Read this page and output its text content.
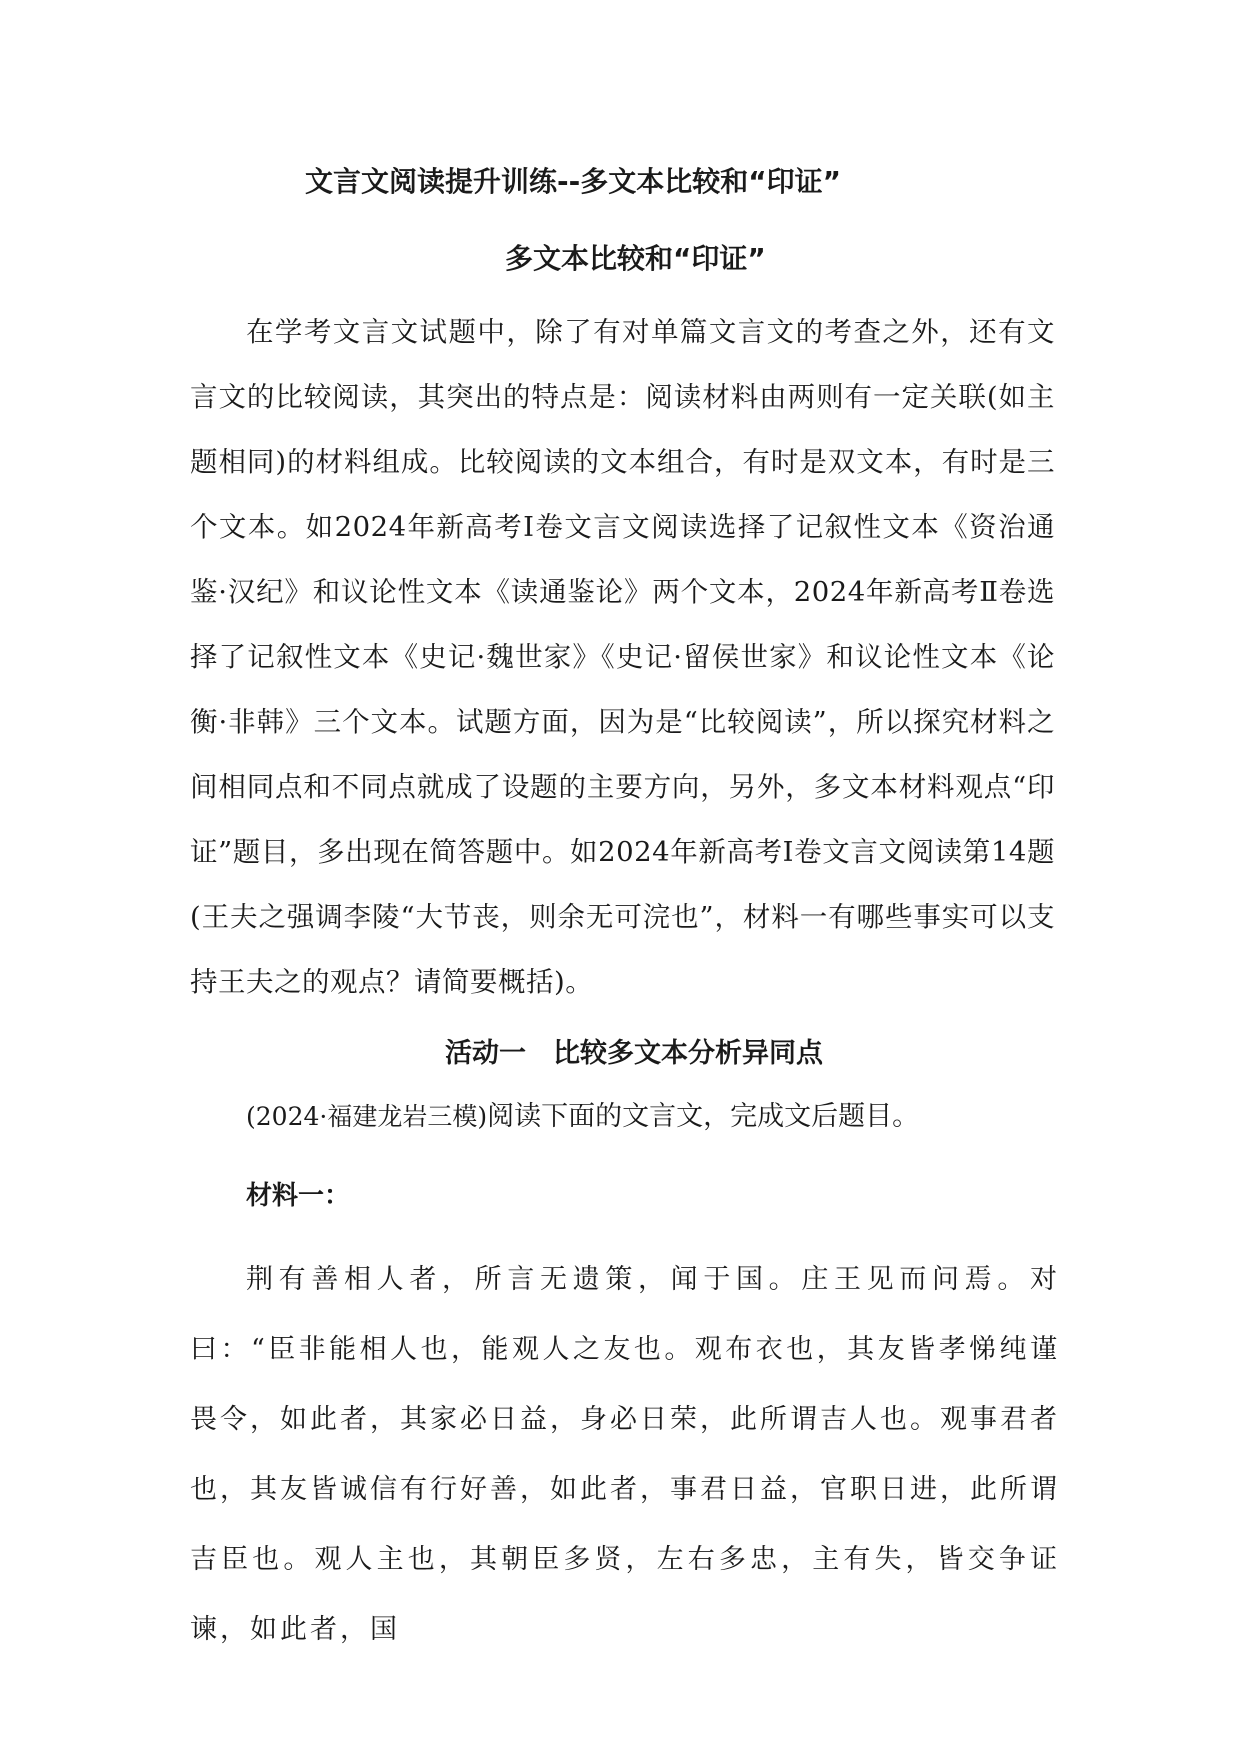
文言文阅读提升训练--多文本比较和“印证”
多文本比较和“印证”

在学考文言文试题中，除了有对单篇文言文的考查之外，还有文言文的比较阅读，其突出的特点是：阅读材料由两则有一定关联(如主题相同)的材料组成。比较阅读的文本组合，有时是双文本，有时是三个文本。如2024年新高考Ⅰ卷文言文阅读选择了记叙性文本《资治通鉴·汉纪》和议论性文本《读通鉴论》两个文本，2024年新高考Ⅱ卷选择了记叙性文本《史记·魏世家》《史记·留侯世家》和议论性文本《论衡·非韩》三个文本。试题方面，因为是“比较阅读”，所以探究材料之间相同点和不同点就成了设题的主要方向，另外，多文本材料观点“印证”题目，多出现在简答题中。如2024年新高考Ⅰ卷文言文阅读第14题(王夫之强调李陵“大节丧，则余无可浣也”，材料一有哪些事实可以支持王夫之的观点？请简要概括)。

活动一　比较多文本分析异同点

(2024·福建龙岩三模)阅读下面的文言文，完成文后题目。

材料一：

荆有善相人者，所言无遗策，闻于国。庄王见而问焉。对曰：“臣非能相人也，能观人之友也。观布衣也，其友皆孝悌纯谨畏令，如此者，其家必日益，身必日荣，此所谓吉人也。观事君者也，其友皆诚信有行好善，如此者，事君日益，官职日进，此所谓吉臣也。观人主也，其朝臣多贤，左右多忠，主有失，皆交争证谏，如此者，国
